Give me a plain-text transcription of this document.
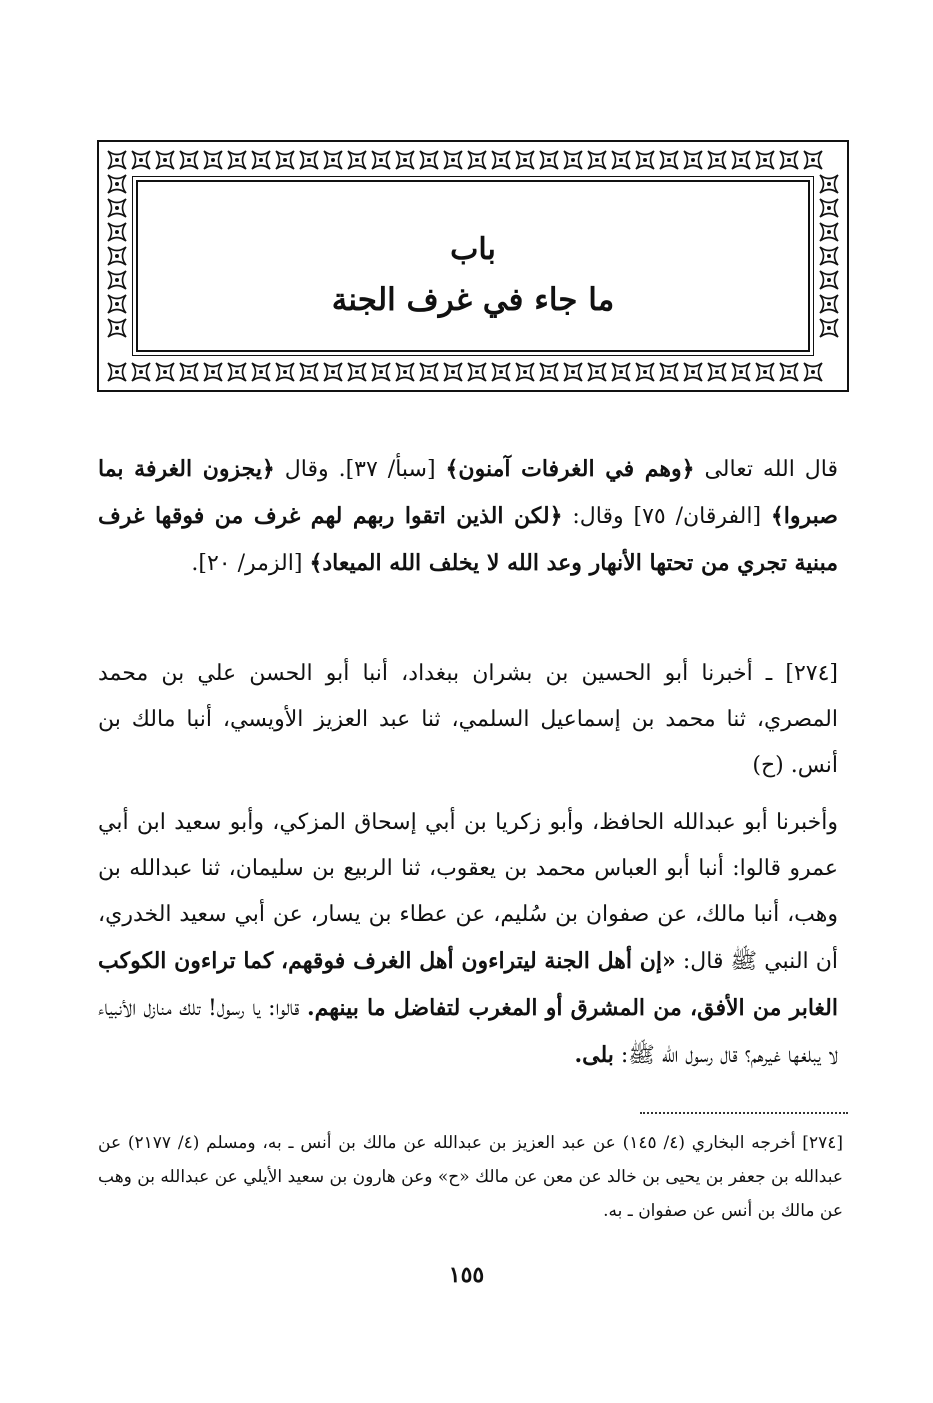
باب
ما جاء في غرف الجنة
قال الله تعالى ﴿وهم في الغرفات آمنون﴾ [سبأ/ ٣٧]. وقال ﴿يجزون الغرفة بما صبروا﴾ [الفرقان/ ٧٥] وقال: ﴿لكن الذين اتقوا ربهم لهم غرف من فوقها غرف مبنية تجري من تحتها الأنهار وعد الله لا يخلف الله الميعاد﴾ [الزمر/ ٢٠].
[٢٧٤] ـ أخبرنا أبو الحسين بن بشران ببغداد، أنبا أبو الحسن علي بن محمد المصري، ثنا محمد بن إسماعيل السلمي، ثنا عبد العزيز الأويسي، أنبا مالك بن أنس. (ح)
وأخبرنا أبو عبدالله الحافظ، وأبو زكريا بن أبي إسحاق المزكي، وأبو سعيد ابن أبي عمرو قالوا: أنبا أبو العباس محمد بن يعقوب، ثنا الربيع بن سليمان، ثنا عبدالله بن وهب، أنبا مالك، عن صفوان بن سُليم، عن عطاء بن يسار، عن أبي سعيد الخدري، أن النبي ﷺ قال: «إن أهل الجنة ليتراءون أهل الغرف فوقهم، كما تراءون الكوكب الغابر من الأفق، من المشرق أو المغرب لتفاضل ما بينهم. قالوا: يا رسول! تلك منازل الأنبياء لا يبلغها غيرهم؟ قال رسول الله ﷺ: بلى.
[٢٧٤] أخرجه البخاري (٤/ ١٤٥) عن عبد العزيز بن عبدالله عن مالك بن أنس ـ به، ومسلم (٤/ ٢١٧٧) عن عبدالله بن جعفر بن يحيى بن خالد عن معن عن مالك «ح» وعن هارون بن سعيد الأيلي عن عبدالله بن وهب عن مالك بن أنس عن صفوان ـ به.
١٥٥
